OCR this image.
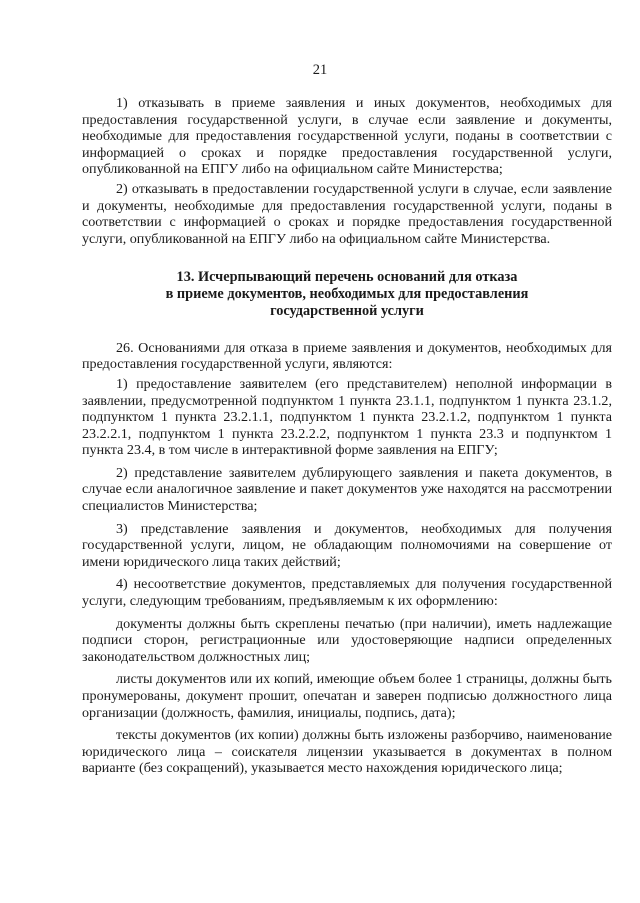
21

1) отказывать в приеме заявления и иных документов, необходимых для предоставления государственной услуги, в случае если заявление и документы, необходимые для предоставления государственной услуги, поданы в соответствии с информацией о сроках и порядке предоставления государственной услуги, опубликованной на ЕПГУ либо на официальном сайте Министерства;

2) отказывать в предоставлении государственной услуги в случае, если заявление и документы, необходимые для предоставления государственной услуги, поданы в соответствии с информацией о сроках и порядке предоставления государственной услуги, опубликованной на ЕПГУ либо на официальном сайте Министерства.

13. Исчерпывающий перечень оснований для отказа
в приеме документов, необходимых для предоставления
государственной услуги

26. Основаниями для отказа в приеме заявления и документов, необходимых для предоставления государственной услуги, являются:

1) предоставление заявителем (его представителем) неполной информации в заявлении, предусмотренной подпунктом 1 пункта 23.1.1, подпунктом 1 пункта 23.1.2, подпунктом 1 пункта 23.2.1.1, подпунктом 1 пункта 23.2.1.2, подпунктом 1 пункта 23.2.2.1, подпунктом 1 пункта 23.2.2.2, подпунктом 1 пункта 23.3 и подпунктом 1 пункта 23.4, в том числе в интерактивной форме заявления на ЕПГУ;

2) представление заявителем дублирующего заявления и пакета документов, в случае если аналогичное заявление и пакет документов уже находятся на рассмотрении специалистов Министерства;

3) представление заявления и документов, необходимых для получения государственной услуги, лицом, не обладающим полномочиями на совершение от имени юридического лица таких действий;

4) несоответствие документов, представляемых для получения государственной услуги, следующим требованиям, предъявляемым к их оформлению:

документы должны быть скреплены печатью (при наличии), иметь надлежащие подписи сторон, регистрационные или удостоверяющие надписи определенных законодательством должностных лиц;

листы документов или их копий, имеющие объем более 1 страницы, должны быть пронумерованы, документ прошит, опечатан и заверен подписью должностного лица организации (должность, фамилия, инициалы, подпись, дата);

тексты документов (их копии) должны быть изложены разборчиво, наименование юридического лица – соискателя лицензии указывается в документах в полном варианте (без сокращений), указывается место нахождения юридического лица;
